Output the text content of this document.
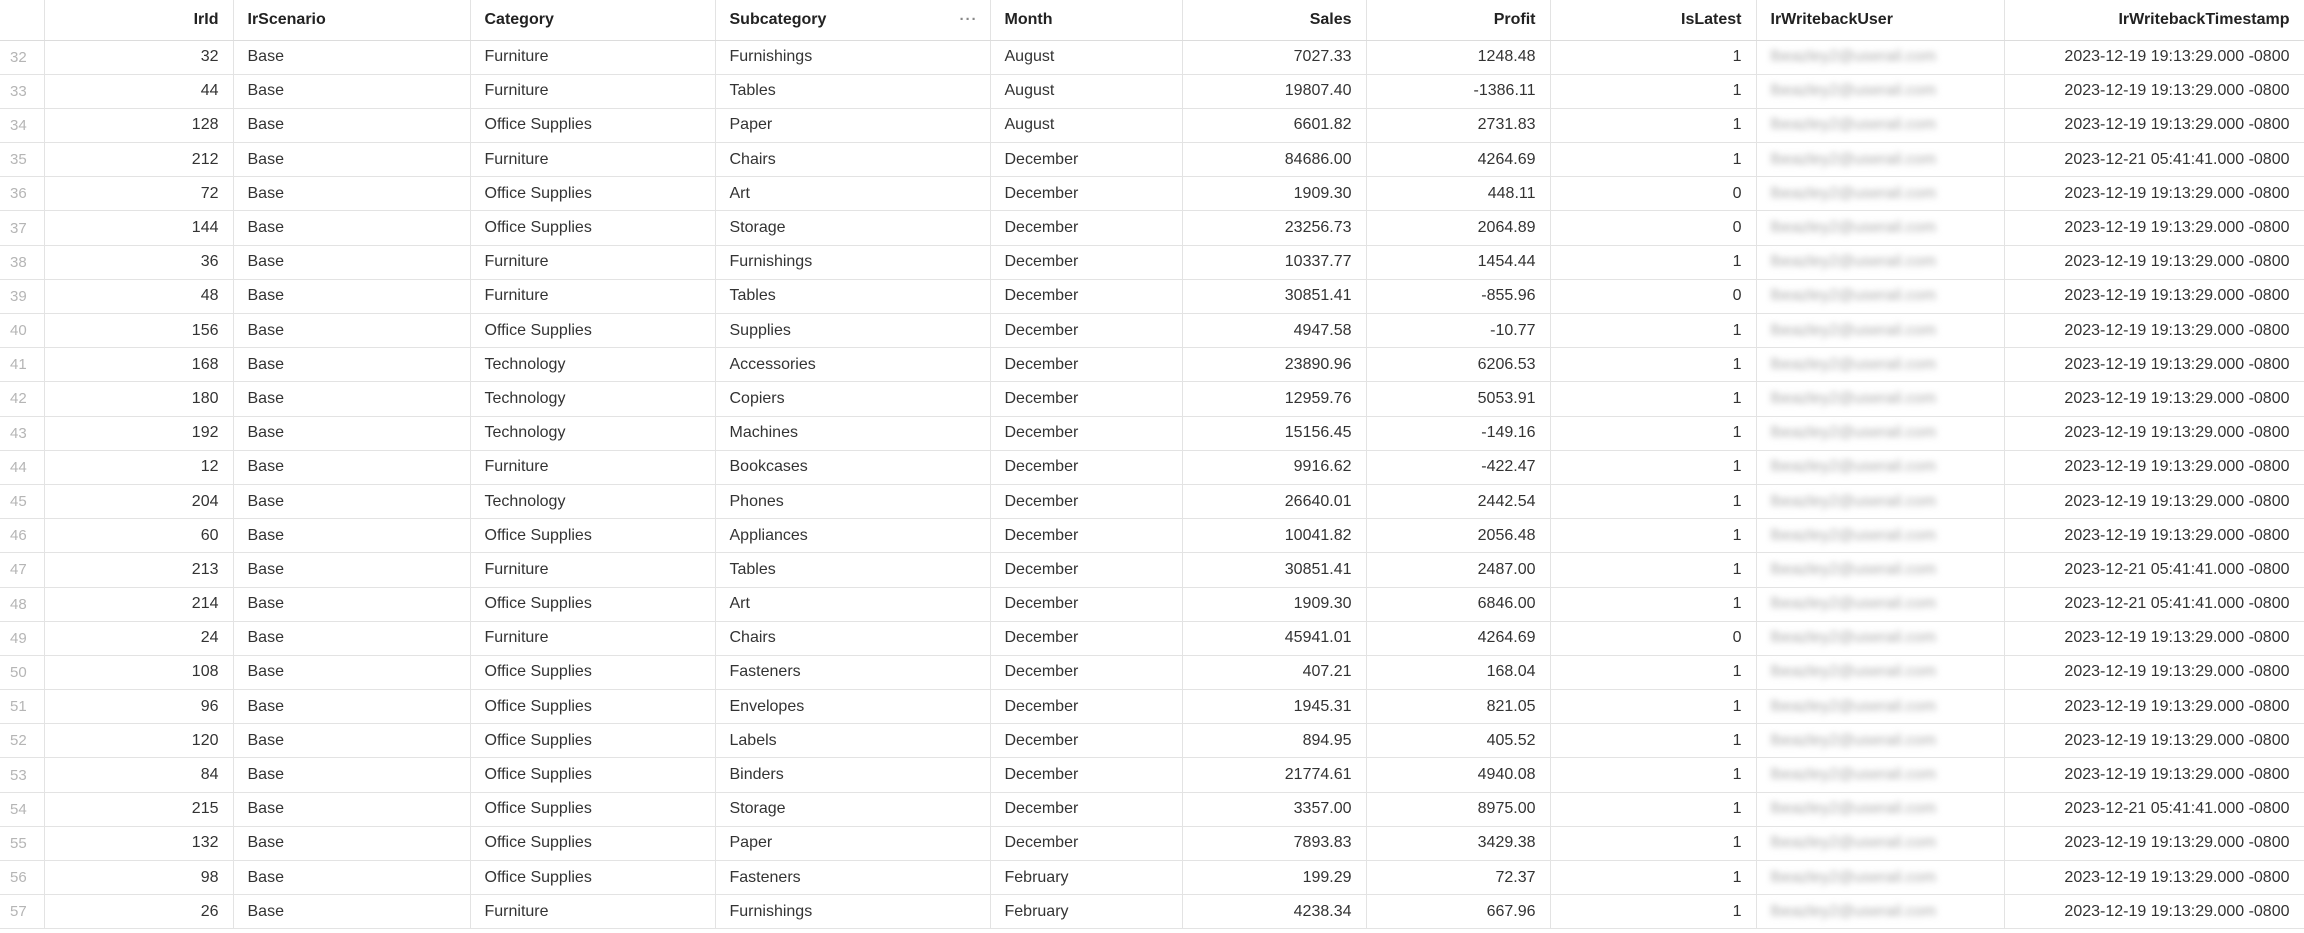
	IrId	IrScenario	Category	Subcategory ···	Month	Sales	Profit	IsLatest	IrWritebackUser	IrWritebackTimestamp
32	32	Base	Furniture	Furnishings	August	7027.33	1248.48	1	lbeazley2@userail.com	2023-12-19 19:13:29.000 -0800
33	44	Base	Furniture	Tables	August	19807.40	-1386.11	1	lbeazley2@userail.com	2023-12-19 19:13:29.000 -0800
34	128	Base	Office Supplies	Paper	August	6601.82	2731.83	1	lbeazley2@userail.com	2023-12-19 19:13:29.000 -0800
35	212	Base	Furniture	Chairs	December	84686.00	4264.69	1	lbeazley2@userail.com	2023-12-21 05:41:41.000 -0800
36	72	Base	Office Supplies	Art	December	1909.30	448.11	0	lbeazley2@userail.com	2023-12-19 19:13:29.000 -0800
37	144	Base	Office Supplies	Storage	December	23256.73	2064.89	0	lbeazley2@userail.com	2023-12-19 19:13:29.000 -0800
38	36	Base	Furniture	Furnishings	December	10337.77	1454.44	1	lbeazley2@userail.com	2023-12-19 19:13:29.000 -0800
39	48	Base	Furniture	Tables	December	30851.41	-855.96	0	lbeazley2@userail.com	2023-12-19 19:13:29.000 -0800
40	156	Base	Office Supplies	Supplies	December	4947.58	-10.77	1	lbeazley2@userail.com	2023-12-19 19:13:29.000 -0800
41	168	Base	Technology	Accessories	December	23890.96	6206.53	1	lbeazley2@userail.com	2023-12-19 19:13:29.000 -0800
42	180	Base	Technology	Copiers	December	12959.76	5053.91	1	lbeazley2@userail.com	2023-12-19 19:13:29.000 -0800
43	192	Base	Technology	Machines	December	15156.45	-149.16	1	lbeazley2@userail.com	2023-12-19 19:13:29.000 -0800
44	12	Base	Furniture	Bookcases	December	9916.62	-422.47	1	lbeazley2@userail.com	2023-12-19 19:13:29.000 -0800
45	204	Base	Technology	Phones	December	26640.01	2442.54	1	lbeazley2@userail.com	2023-12-19 19:13:29.000 -0800
46	60	Base	Office Supplies	Appliances	December	10041.82	2056.48	1	lbeazley2@userail.com	2023-12-19 19:13:29.000 -0800
47	213	Base	Furniture	Tables	December	30851.41	2487.00	1	lbeazley2@userail.com	2023-12-21 05:41:41.000 -0800
48	214	Base	Office Supplies	Art	December	1909.30	6846.00	1	lbeazley2@userail.com	2023-12-21 05:41:41.000 -0800
49	24	Base	Furniture	Chairs	December	45941.01	4264.69	0	lbeazley2@userail.com	2023-12-19 19:13:29.000 -0800
50	108	Base	Office Supplies	Fasteners	December	407.21	168.04	1	lbeazley2@userail.com	2023-12-19 19:13:29.000 -0800
51	96	Base	Office Supplies	Envelopes	December	1945.31	821.05	1	lbeazley2@userail.com	2023-12-19 19:13:29.000 -0800
52	120	Base	Office Supplies	Labels	December	894.95	405.52	1	lbeazley2@userail.com	2023-12-19 19:13:29.000 -0800
53	84	Base	Office Supplies	Binders	December	21774.61	4940.08	1	lbeazley2@userail.com	2023-12-19 19:13:29.000 -0800
54	215	Base	Office Supplies	Storage	December	3357.00	8975.00	1	lbeazley2@userail.com	2023-12-21 05:41:41.000 -0800
55	132	Base	Office Supplies	Paper	December	7893.83	3429.38	1	lbeazley2@userail.com	2023-12-19 19:13:29.000 -0800
56	98	Base	Office Supplies	Fasteners	February	199.29	72.37	1	lbeazley2@userail.com	2023-12-19 19:13:29.000 -0800
57	26	Base	Furniture	Furnishings	February	4238.34	667.96	1	lbeazley2@userail.com	2023-12-19 19:13:29.000 -0800
